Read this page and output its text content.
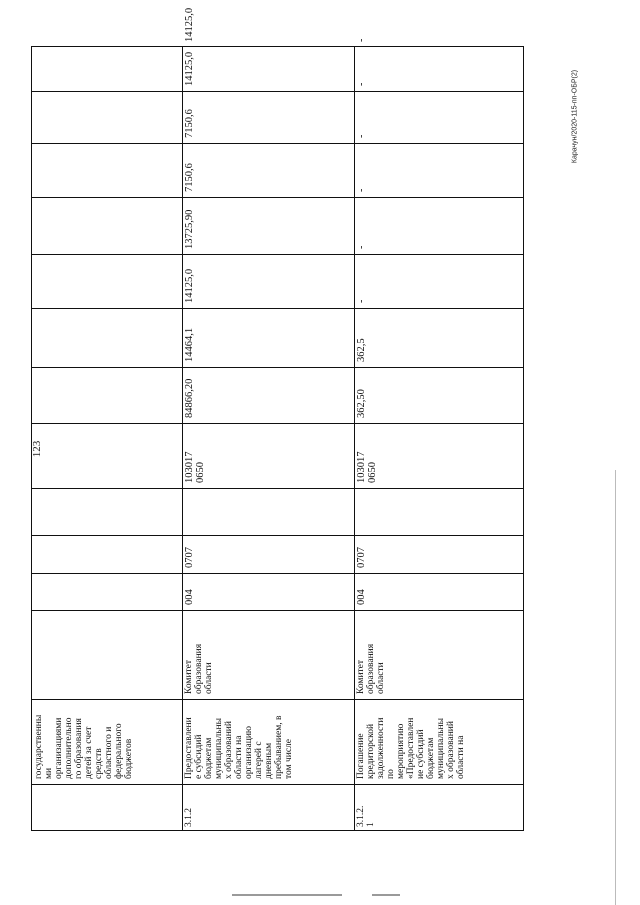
123
Карачун/2020-115-пп-ОБР(2)
государственны
ми
организациями
дополнительно
го образования
детей за счет
средств
областного и
федерального
бюджетов
3.1.2
Предоставлени
е субсидий
бюджетам
муниципальны
х образований
области на
организацию
лагерей с
дневным
пребыванием, в
том числе
Комитет
образования
области
004
0707
103017
0650
84866,20
14464,1
14125,0
13725,90
7150,6
7150,6
14125,0
14125,0
3.1.2.
1
Погашение
кредиторской
задолженности
по
мероприятию
«Предоставлен
ие субсидий
бюджетам
муниципальны
х образований
области на
Комитет
образования
области
004
0707
103017
0650
362,50
362,5
-
-
-
-
-
-
